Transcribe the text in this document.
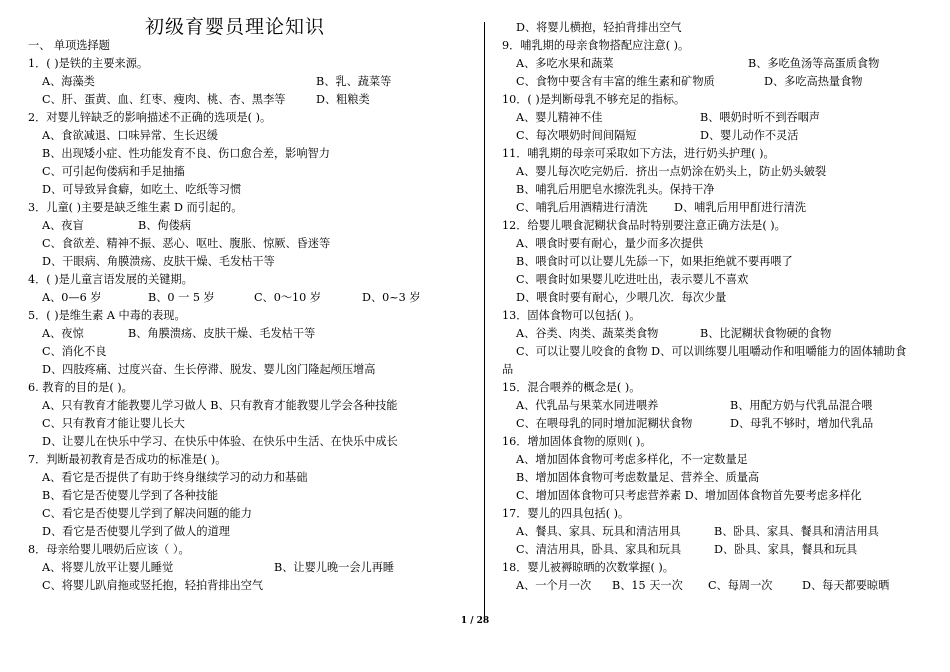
初级育婴员理论知识
一、 单项选择题
1．( )是铁的主要来源。
A、海藻类	B、乳、蔬菜等
C、肝、蛋黄、血、红枣、瘦肉、桃、杏、黑李等	D、粗粮类
2．对婴儿锌缺乏的影响描述不正确的选项是( )。
A、食欲减退、口味异常、生长迟缓
B、出现矮小症、性功能发育不良、伤口愈合差，影响智力
C、可引起佝偻病和手足抽搐
D、可导致异食癖，如吃土、吃纸等习惯
3．儿童( )主要是缺乏维生素 D 而引起的。
A、夜盲	B、佝偻病
C、食欲差、精神不振、恶心、呕吐、腹胀、惊厥、昏迷等
D、干眼病、角膜溃疡、皮肤干燥、毛发枯干等
4．( )是儿童言语发展的关键期。
A、0—6 岁	B、0 一 5 岁	C、0～10 岁	D、0~3 岁
5．( )是维生素 A 中毒的表现。
A、夜惊	B、角膜溃疡、皮肤干燥、毛发枯干等
C、消化不良
D、四肢疼痛、过度兴奋、生长停滞、脱发、婴儿囟门隆起颅压增高
6. 教育的目的是( )。
A、只有教育才能教婴儿学习做人 B、只有教育才能教婴儿学会各种技能
C、只有教育才能让婴儿长大
D、让婴儿在快乐中学习、在快乐中体验、在快乐中生活、在快乐中成长
7．判断最初教育是否成功的标准是( )。
A、看它是否提供了有助于终身继续学习的动力和基础
B、看它是否使婴儿学到了各种技能
C、看它是否使婴儿学到了解决问题的能力
D、看它是否使婴儿学到了做人的道理
8．母亲给婴儿喂奶后应该（ ）。
A、将婴儿放平让婴儿睡觉	B、让婴儿晚一会儿再睡
C、将婴儿趴肩拖或竖托抱，轻拍背排出空气
D、将婴儿横抱，轻拍背排出空气
9．哺乳期的母亲食物搭配应注意( )。
A、多吃水果和蔬菜	B、多吃鱼汤等高蛋质食物
C、食物中要含有丰富的维生素和矿物质	D、多吃高热量食物
10．( )是判断母乳不够充足的指标。
A、婴儿精神不佳	B、喂奶时听不到吞咽声
C、每次喂奶时间间隔短	D、婴儿动作不灵活
11．哺乳期的母亲可采取如下方法，进行奶头护理( )。
A、婴儿每次吃完奶后．挤出一点奶涂在奶头上，防止奶头皴裂
B、哺乳后用肥皂水擦洗乳头。保持干净
C、哺乳后用酒精进行清洗 D、哺乳后用甲酊进行清洗
12．给婴儿喂食泥糊状食品时特别要注意正确方法是( )。
A、喂食时要有耐心，量少而多次提供
B、喂食时可以让婴儿先舔一下，如果拒绝就不要再喂了
C、喂食时如果婴儿吃进吐出，表示婴儿不喜欢
D、喂食时要有耐心，少喂几次．每次少量
13．固体食物可以包括( )。
A、谷类、肉类、蔬菜类食物	B、比泥糊状食物硬的食物
C、可以让婴儿咬食的食物 D、可以训练婴儿咀嚼动作和咀嚼能力的固体辅助食
品
15．混合喂养的概念是( )。
A、代乳品与果菜水同进喂养	B、用配方奶与代乳品混合喂
C、在喂母乳的同时增加泥糊状食物	D、母乳不够时，增加代乳品
16．增加固体食物的原则( )。
A、增加固体食物可考虑多样化，不一定数量足
B、增加固体食物可考虑数量足、营养全、质量高
C、增加固体食物可只考虑营养素 D、增加固体食物首先要考虑多样化
17．婴儿的四具包括( )。
A、餐具、家具、玩具和清洁用具	B、卧具、家具、餐具和清洁用具
C、清洁用具，卧具、家具和玩具	D、卧具、家具，餐具和玩具
18．婴儿被褥晾晒的次数掌握( )。
A、一个月一次 B、15 天一次 C、每周一次	D、每天都要晾晒
1 / 28
